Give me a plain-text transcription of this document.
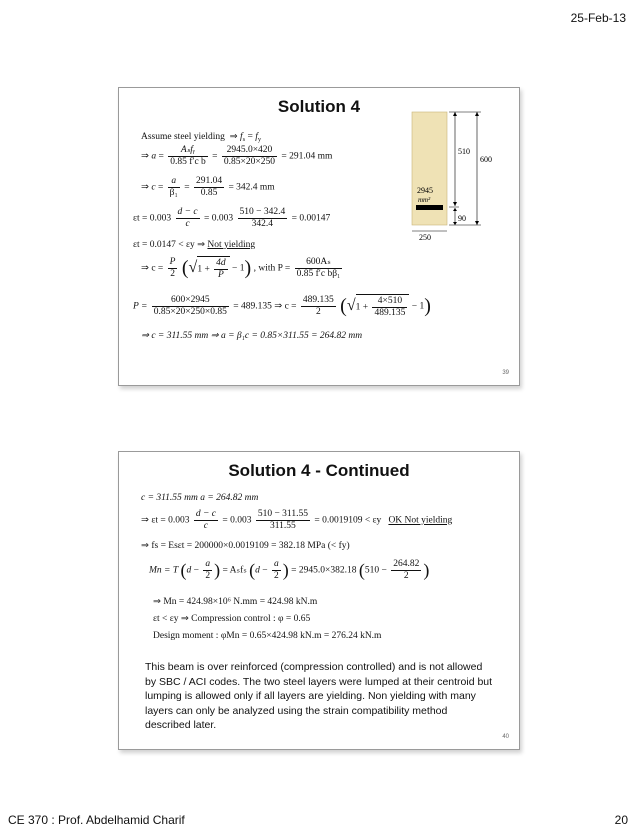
25-Feb-13
Solution 4
Assume steel yielding  ⇒ $f_s = f_y$
⇒ $a = \frac{\text{Aₛfᵧ}}{\text{0.85 f′c b}} = \frac{2945.0\times 420}{0.85\times 20\times 250} = 291.04$ mm
⇒ $c = \frac{a}{\text{β₁}} = \frac{291.04}{0.85} = 342.4$ mm
$\varepsilon t = 0.003 \frac{d - c}{c} = 0.003 \frac{510 - 342.4}{342.4} = 0.00147$
εt = 0.0147 < εy ⇒ Not yielding
⇒ $c = \frac{P}{2} (√1 + \frac{4d}{P} - 1)$ , with $P = \frac{\text{600Aₛ}}{\text{0.85 f′c bβ₁}}$
$P = \frac{600\times 2945}{0.85\times 20\times 250\times 0.85} = 489.135$ ⇒ $c = \frac{489.135}{2} (√1 + \frac{4\times 510}{489.135} - 1)$
⇒ c = 311.55 mm ⇒ a = β₁c = 0.85×311.55 = 264.82 mm
510
600
90
250
2945
mm²
39
Solution 4 - Continued
c = 311.55 mm a = 264.82 mm
⇒ $\varepsilon t = 0.003 \frac{d - c}{c} = 0.003 \frac{510 - 311.55}{311.55} = 0.0019109 < \varepsilon y$ OK Not yielding
⇒ fs = Esεt = 200000×0.0019109 = 382.18 MPa (< fy)
Mn = T ($d - \frac{a}{2}$ ) = Aₛfₛ ($d - \frac{a}{2}$ ) = 2945.0×382.18 ($510 - \frac{264.82}{2}$ )
⇒ Mn = 424.98×10⁶ N.mm = 424.98 kN.m
εt < εy ⇒ Compression control : φ = 0.65
Design moment : φMn = 0.65×424.98 kN.m = 276.24 kN.m
This beam is over reinforced (compression controlled) and is not allowed by SBC / ACI codes. The two steel layers were lumped at their centroid but lumping is allowed only if all layers are yielding. Non yielding with many layers can only be analyzed using the strain compatibility method described later.
40
CE 370 : Prof. Abdelhamid Charif	20
